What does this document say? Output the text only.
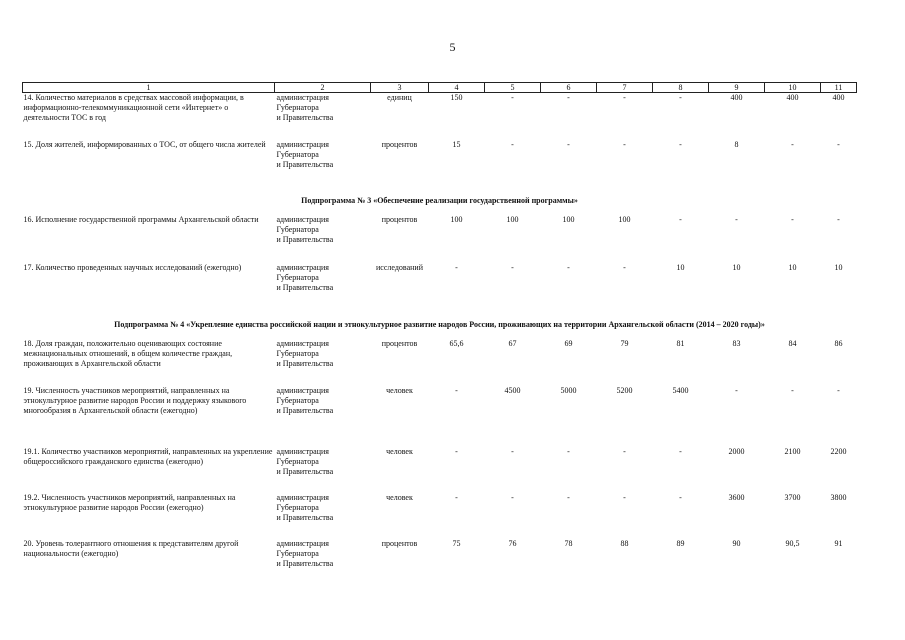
5
1	2	3	4	5	6	7	8	9	10	11
14. Количество материалов в средствах массовой информации, в информационно-телекоммуникационной сети «Интернет» о деятельности ТОС в год	администрация
Губернатора
и Правительства	единиц	150	-	-	-	-	400	400	400
15. Доля жителей, информированных о ТОС, от общего числа жителей	администрация
Губернатора
и Правительства	процентов	15	-	-	-	-	8	-	-
Подпрограмма № 3 «Обеспечение реализации государственной программы»										
16. Исполнение государственной программы Архангельской области	администрация
Губернатора
и Правительства	процентов	100	100	100	100	-	-	-	-
17. Количество проведенных научных исследований (ежегодно)	администрация
Губернатора
и Правительства	исследований	-	-	-	-	10	10	10	10
Подпрограмма № 4 «Укрепление единства российской нации и этнокультурное развитие народов России, проживающих на территории Архангельской области (2014 – 2020 годы)»										
18. Доля граждан, положительно оценивающих состояние межнациональных отношений, в общем количестве граждан, проживающих в Архангельской области	администрация
Губернатора
и Правительства	процентов	65,6	67	69	79	81	83	84	86
19. Численность участников мероприятий, направленных на этнокультурное развитие народов России и поддержку языкового многообразия в Архангельской области (ежегодно)	администрация
Губернатора
и Правительства	человек	-	4500	5000	5200	5400	-	-	-
19.1. Количество участников мероприятий, направленных на укрепление общероссийского гражданского единства (ежегодно)	администрация
Губернатора
и Правительства	человек	-	-	-	-	-	2000	2100	2200
19.2. Численность участников мероприятий, направленных на этнокультурное развитие народов России (ежегодно)	администрация
Губернатора
и Правительства	человек	-	-	-	-	-	3600	3700	3800
20. Уровень толерантного отношения к представителям другой национальности (ежегодно)	администрация
Губернатора
и Правительства	процентов	75	76	78	88	89	90	90,5	91
